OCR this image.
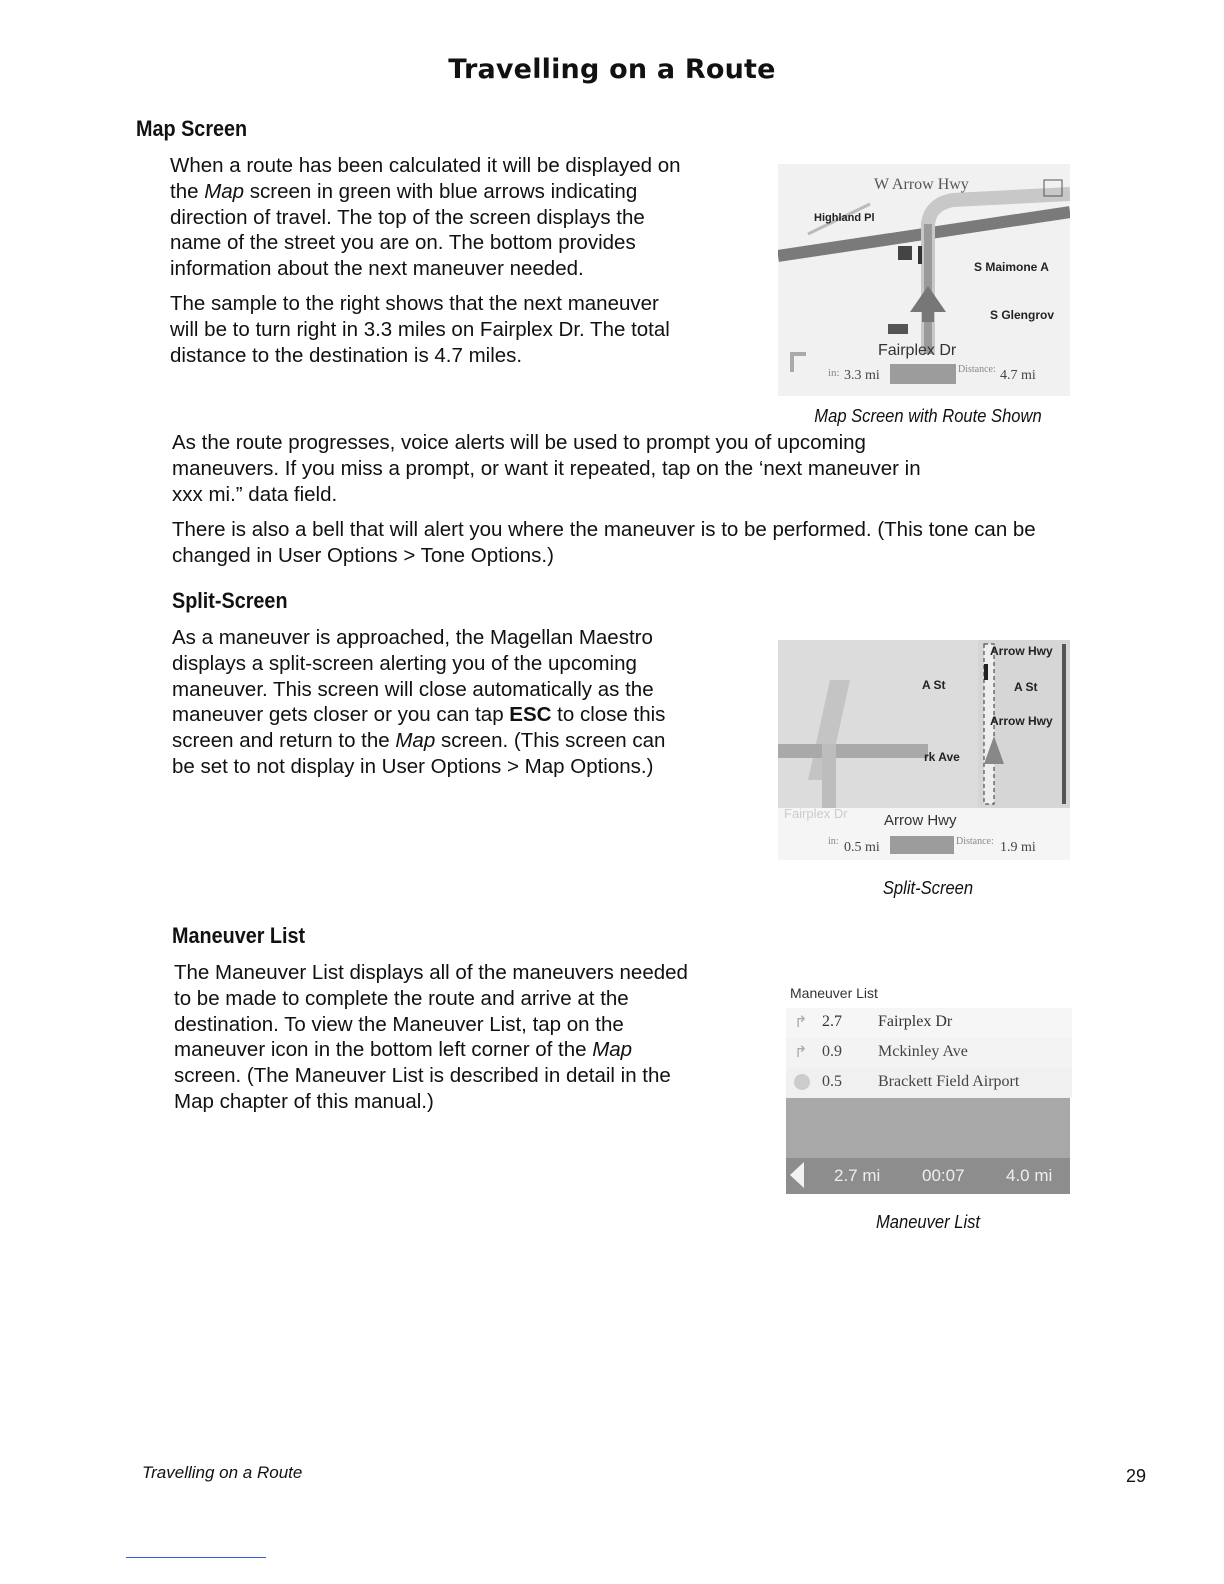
Travelling on a Route
Map Screen

When a route has been calculated it will be displayed on the Map screen in green with blue arrows indicating direction of travel. The top of the screen displays the name of the street you are on. The bottom provides information about the next maneuver needed.

The sample to the right shows that the next maneuver will be to turn right in 3.3 miles on Fairplex Dr. The total distance to the destination is 4.7 miles.

As the route progresses, voice alerts will be used to prompt you of upcoming maneuvers. If you miss a prompt, or want it repeated, tap on the ‘next maneuver in xxx mi.” data field.
There is also a bell that will alert you where the maneuver is to be performed. (This tone can be changed in User Options > Tone Options.)
W Arrow Hwy
Highland Pl
S Maimone A
S Glengrov
Fairplex Dr
in: 3.3 mi	Distance: 4.7 mi
Map Screen with Route Shown
Split-Screen
As a maneuver is approached, the Magellan Maestro displays a split-screen alerting you of the upcoming maneuver. This screen will close automatically as the maneuver gets closer or you can tap ESC to close this screen and return to the Map screen. (This screen can be set to not display in User Options > Map Options.)
A St
rk Ave
Fairplex Dr
Arrow Hwy
A St
Arrow Hwy
Arrow Hwy
in: 0.5 mi	Distance: 1.9 mi
Split-Screen
Maneuver List
The Maneuver List displays all of the maneuvers needed to be made to complete the route and arrive at the destination. To view the Maneuver List, tap on the maneuver icon in the bottom left corner of the Map screen. (The Maneuver List is described in detail in the Map chapter of this manual.)
Maneuver List
↱ 2.7 Fairplex Dr
↱ 0.9 Mckinley Ave
0.5 Brackett Field Airport
2.7 mi 00:07 4.0 mi
Maneuver List
Travelling on a Route	29
